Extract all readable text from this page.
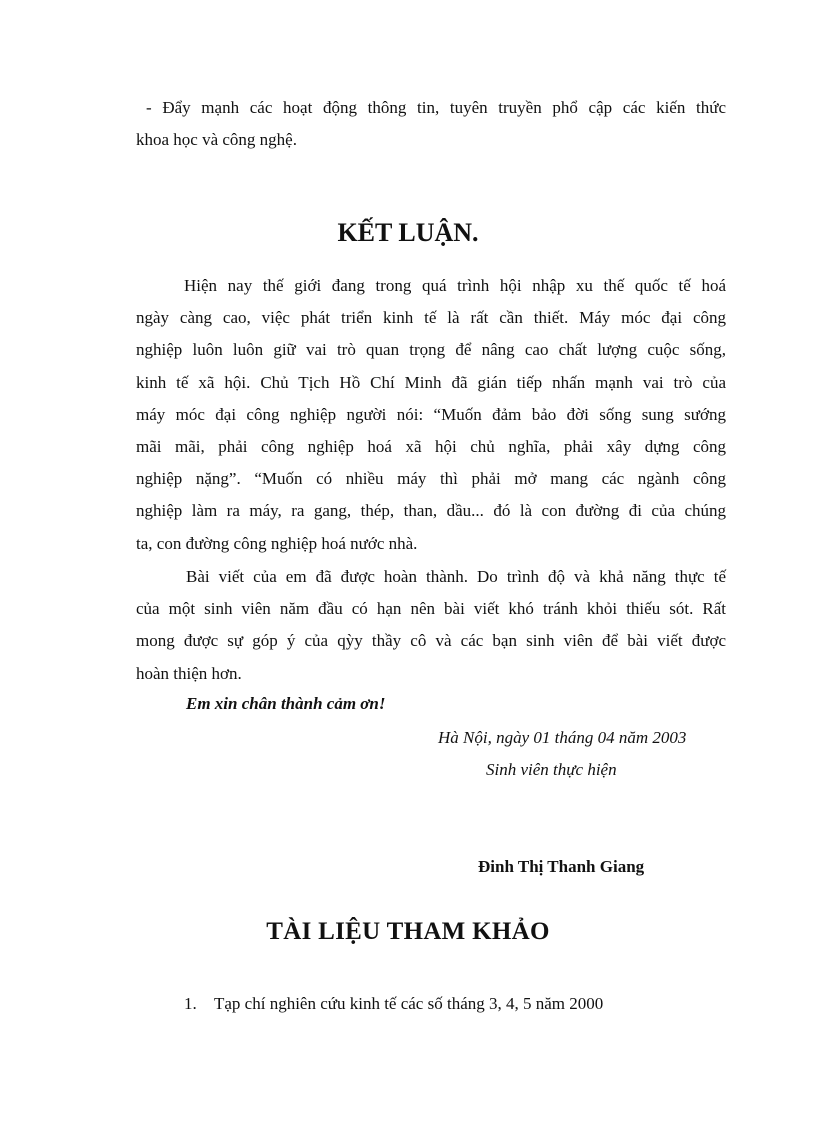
- Đẩy mạnh các hoạt động thông tin, tuyên truyền phổ cập các kiến thức
khoa học và công nghệ.
KẾT LUẬN.
Hiện nay thế giới đang trong quá trình hội nhập xu thế quốc tế hoá
ngày càng cao, việc phát triển kinh tế là rất cần thiết. Máy móc đại công
nghiệp luôn luôn giữ vai trò quan trọng để nâng cao chất lượng cuộc sống,
kinh tế xã hội. Chủ Tịch Hồ Chí Minh đã gián tiếp nhấn mạnh vai trò của
máy móc đại công nghiệp người nói: “Muốn đảm bảo đời sống sung sướng
mãi mãi, phải công nghiệp hoá xã hội chủ nghĩa, phải xây dựng công
nghiệp nặng”. “Muốn có nhiều máy thì phải mở mang các ngành công
nghiệp làm ra máy, ra gang, thép, than, dầu... đó là con đường đi của chúng
ta, con đường công nghiệp hoá nước nhà.
Bài viết của em đã được hoàn thành. Do trình độ và khả năng thực tế
của một sinh viên năm đầu có hạn nên bài viết khó tránh khỏi thiếu sót. Rất
mong được sự góp ý của qỳy thầy cô và các bạn sinh viên để bài viết được
hoàn thiện hơn.

Em xin chân thành cảm ơn!

Hà Nội, ngày 01 tháng 04 năm 2003

Sinh viên thực hiện

Đinh Thị Thanh Giang

TÀI LIỆU THAM KHẢO

1. Tạp chí nghiên cứu kinh tế các số tháng 3, 4, 5 năm 2000
